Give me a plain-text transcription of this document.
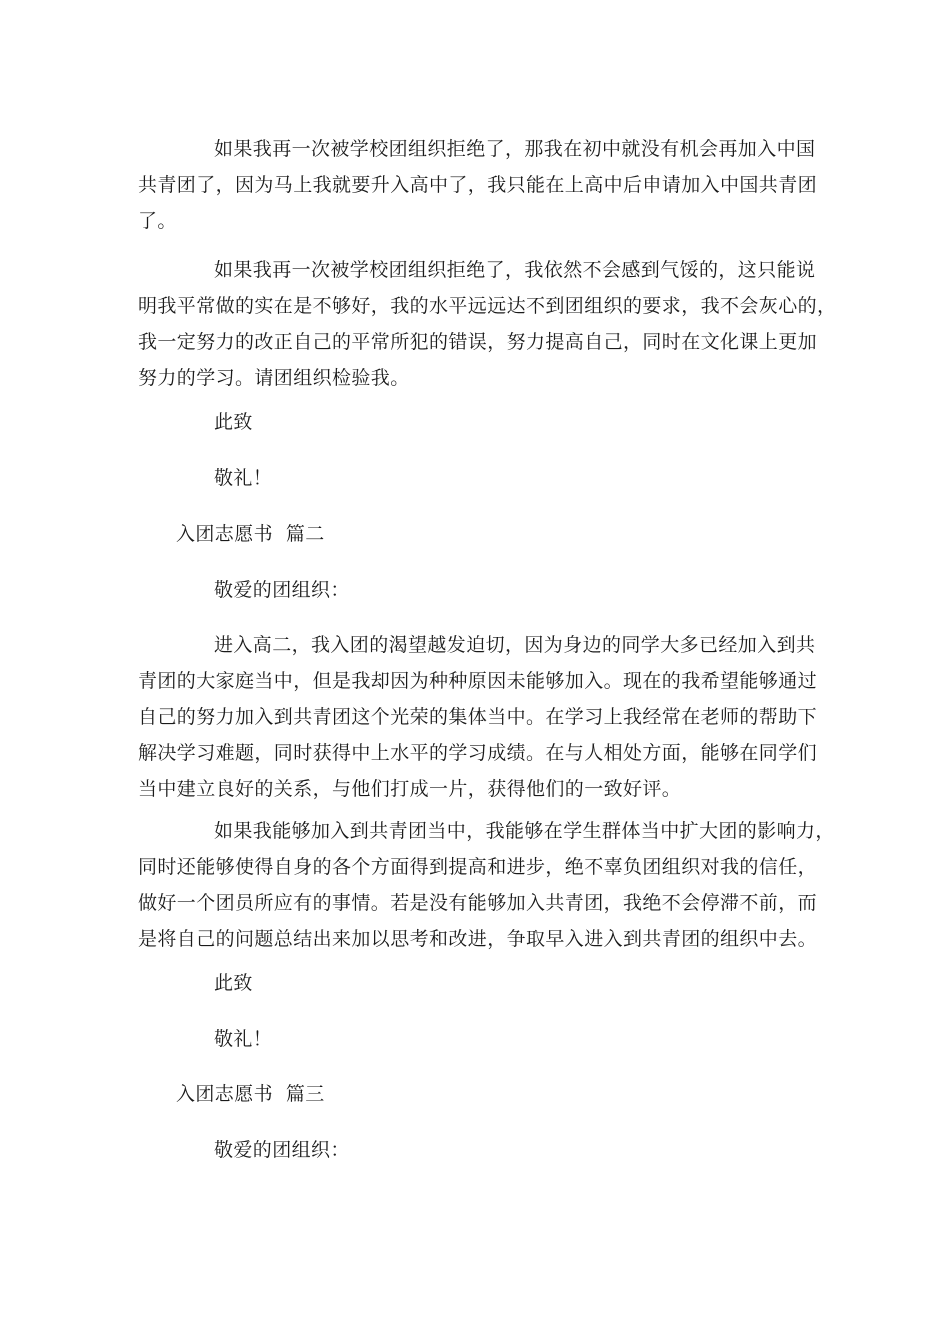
如果我再一次被学校团组织拒绝了，那我在初中就没有机会再加入中国
共青团了，因为马上我就要升入高中了，我只能在上高中后申请加入中国共青团
了。
如果我再一次被学校团组织拒绝了，我依然不会感到气馁的，这只能说
明我平常做的实在是不够好，我的水平远远达不到团组织的要求，我不会灰心的，
我一定努力的改正自己的平常所犯的错误，努力提高自己，同时在文化课上更加
努力的学习。请团组织检验我。
此致
敬礼！
入团志愿书  篇二
敬爱的团组织：
进入高二，我入团的渴望越发迫切，因为身边的同学大多已经加入到共
青团的大家庭当中，但是我却因为种种原因未能够加入。现在的我希望能够通过
自己的努力加入到共青团这个光荣的集体当中。在学习上我经常在老师的帮助下
解决学习难题，同时获得中上水平的学习成绩。在与人相处方面，能够在同学们
当中建立良好的关系，与他们打成一片，获得他们的一致好评。
如果我能够加入到共青团当中，我能够在学生群体当中扩大团的影响力，
同时还能够使得自身的各个方面得到提高和进步，绝不辜负团组织对我的信任，
做好一个团员所应有的事情。若是没有能够加入共青团，我绝不会停滞不前，而
是将自己的问题总结出来加以思考和改进，争取早入进入到共青团的组织中去。
此致
敬礼！
入团志愿书  篇三
敬爱的团组织：
